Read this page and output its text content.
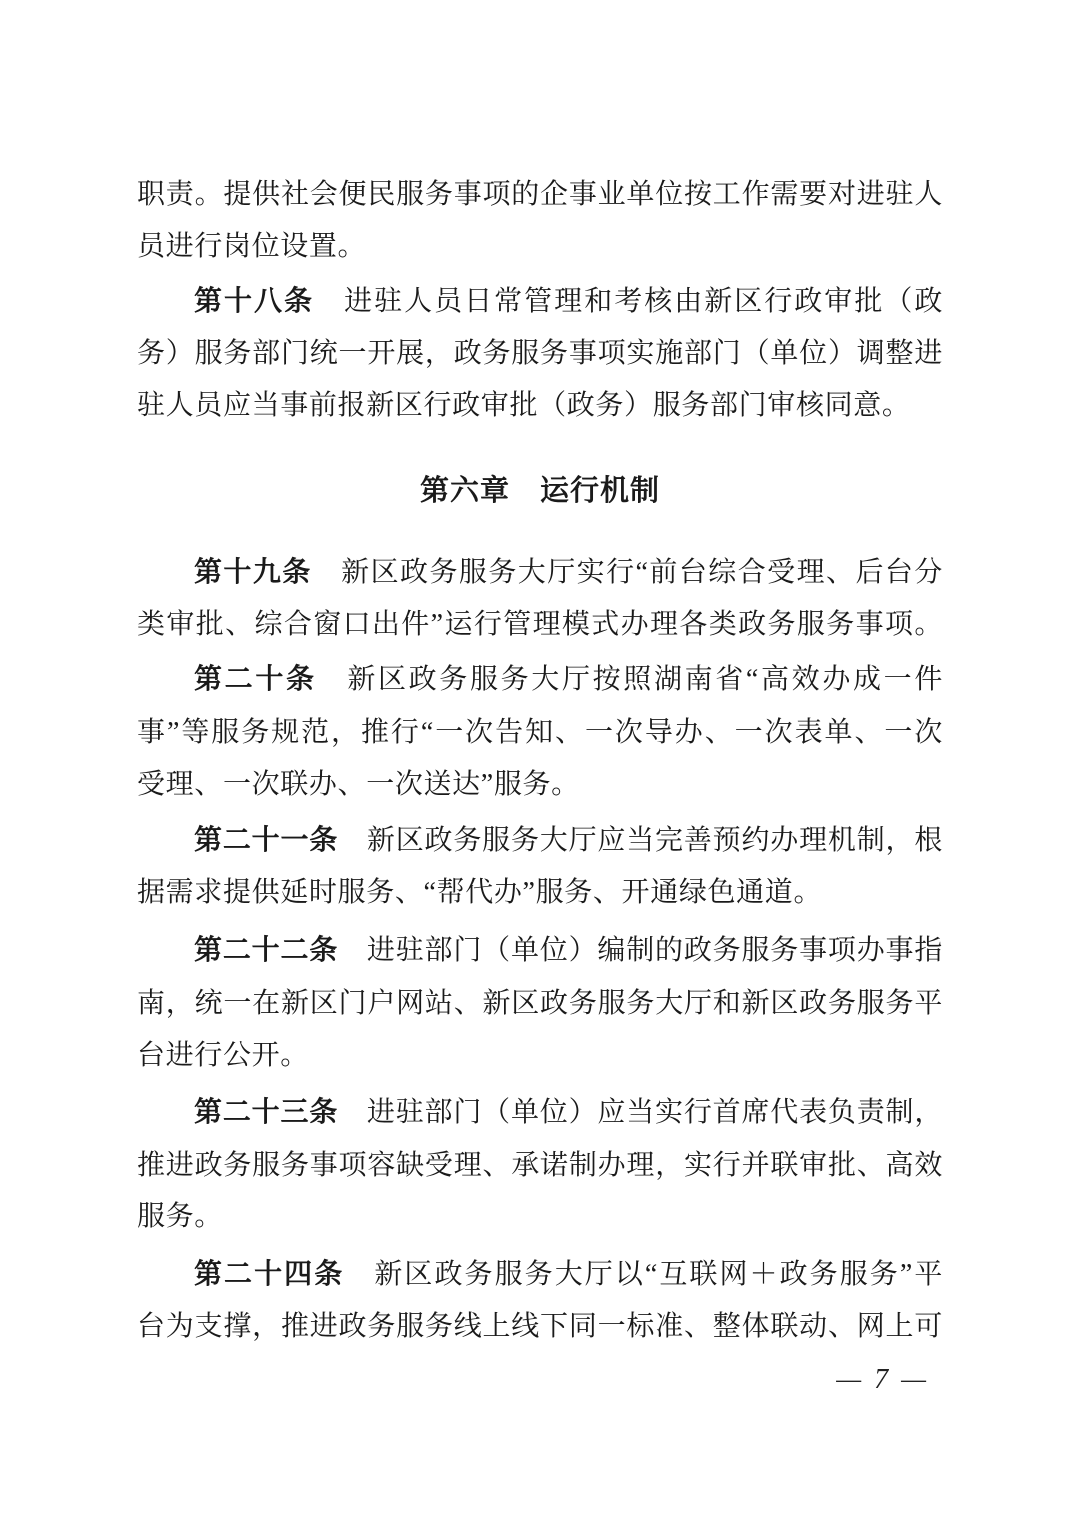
职责。提供社会便民服务事项的企事业单位按工作需要对进驻人
员进行岗位设置。
第十八条　进驻人员日常管理和考核由新区行政审批（政
务）服务部门统一开展，政务服务事项实施部门（单位）调整进
驻人员应当事前报新区行政审批（政务）服务部门审核同意。
第六章　运行机制
第十九条　新区政务服务大厅实行“前台综合受理、后台分
类审批、综合窗口出件”运行管理模式办理各类政务服务事项。
第二十条　新区政务服务大厅按照湖南省“高效办成一件
事”等服务规范，推行“一次告知、一次导办、一次表单、一次
受理、一次联办、一次送达”服务。
第二十一条　新区政务服务大厅应当完善预约办理机制，根
据需求提供延时服务、“帮代办”服务、开通绿色通道。
第二十二条　进驻部门（单位）编制的政务服务事项办事指
南，统一在新区门户网站、新区政务服务大厅和新区政务服务平
台进行公开。
第二十三条　进驻部门（单位）应当实行首席代表负责制，
推进政务服务事项容缺受理、承诺制办理，实行并联审批、高效
服务。
第二十四条　新区政务服务大厅以“互联网＋政务服务”平
台为支撑，推进政务服务线上线下同一标准、整体联动、网上可
— 7 —
